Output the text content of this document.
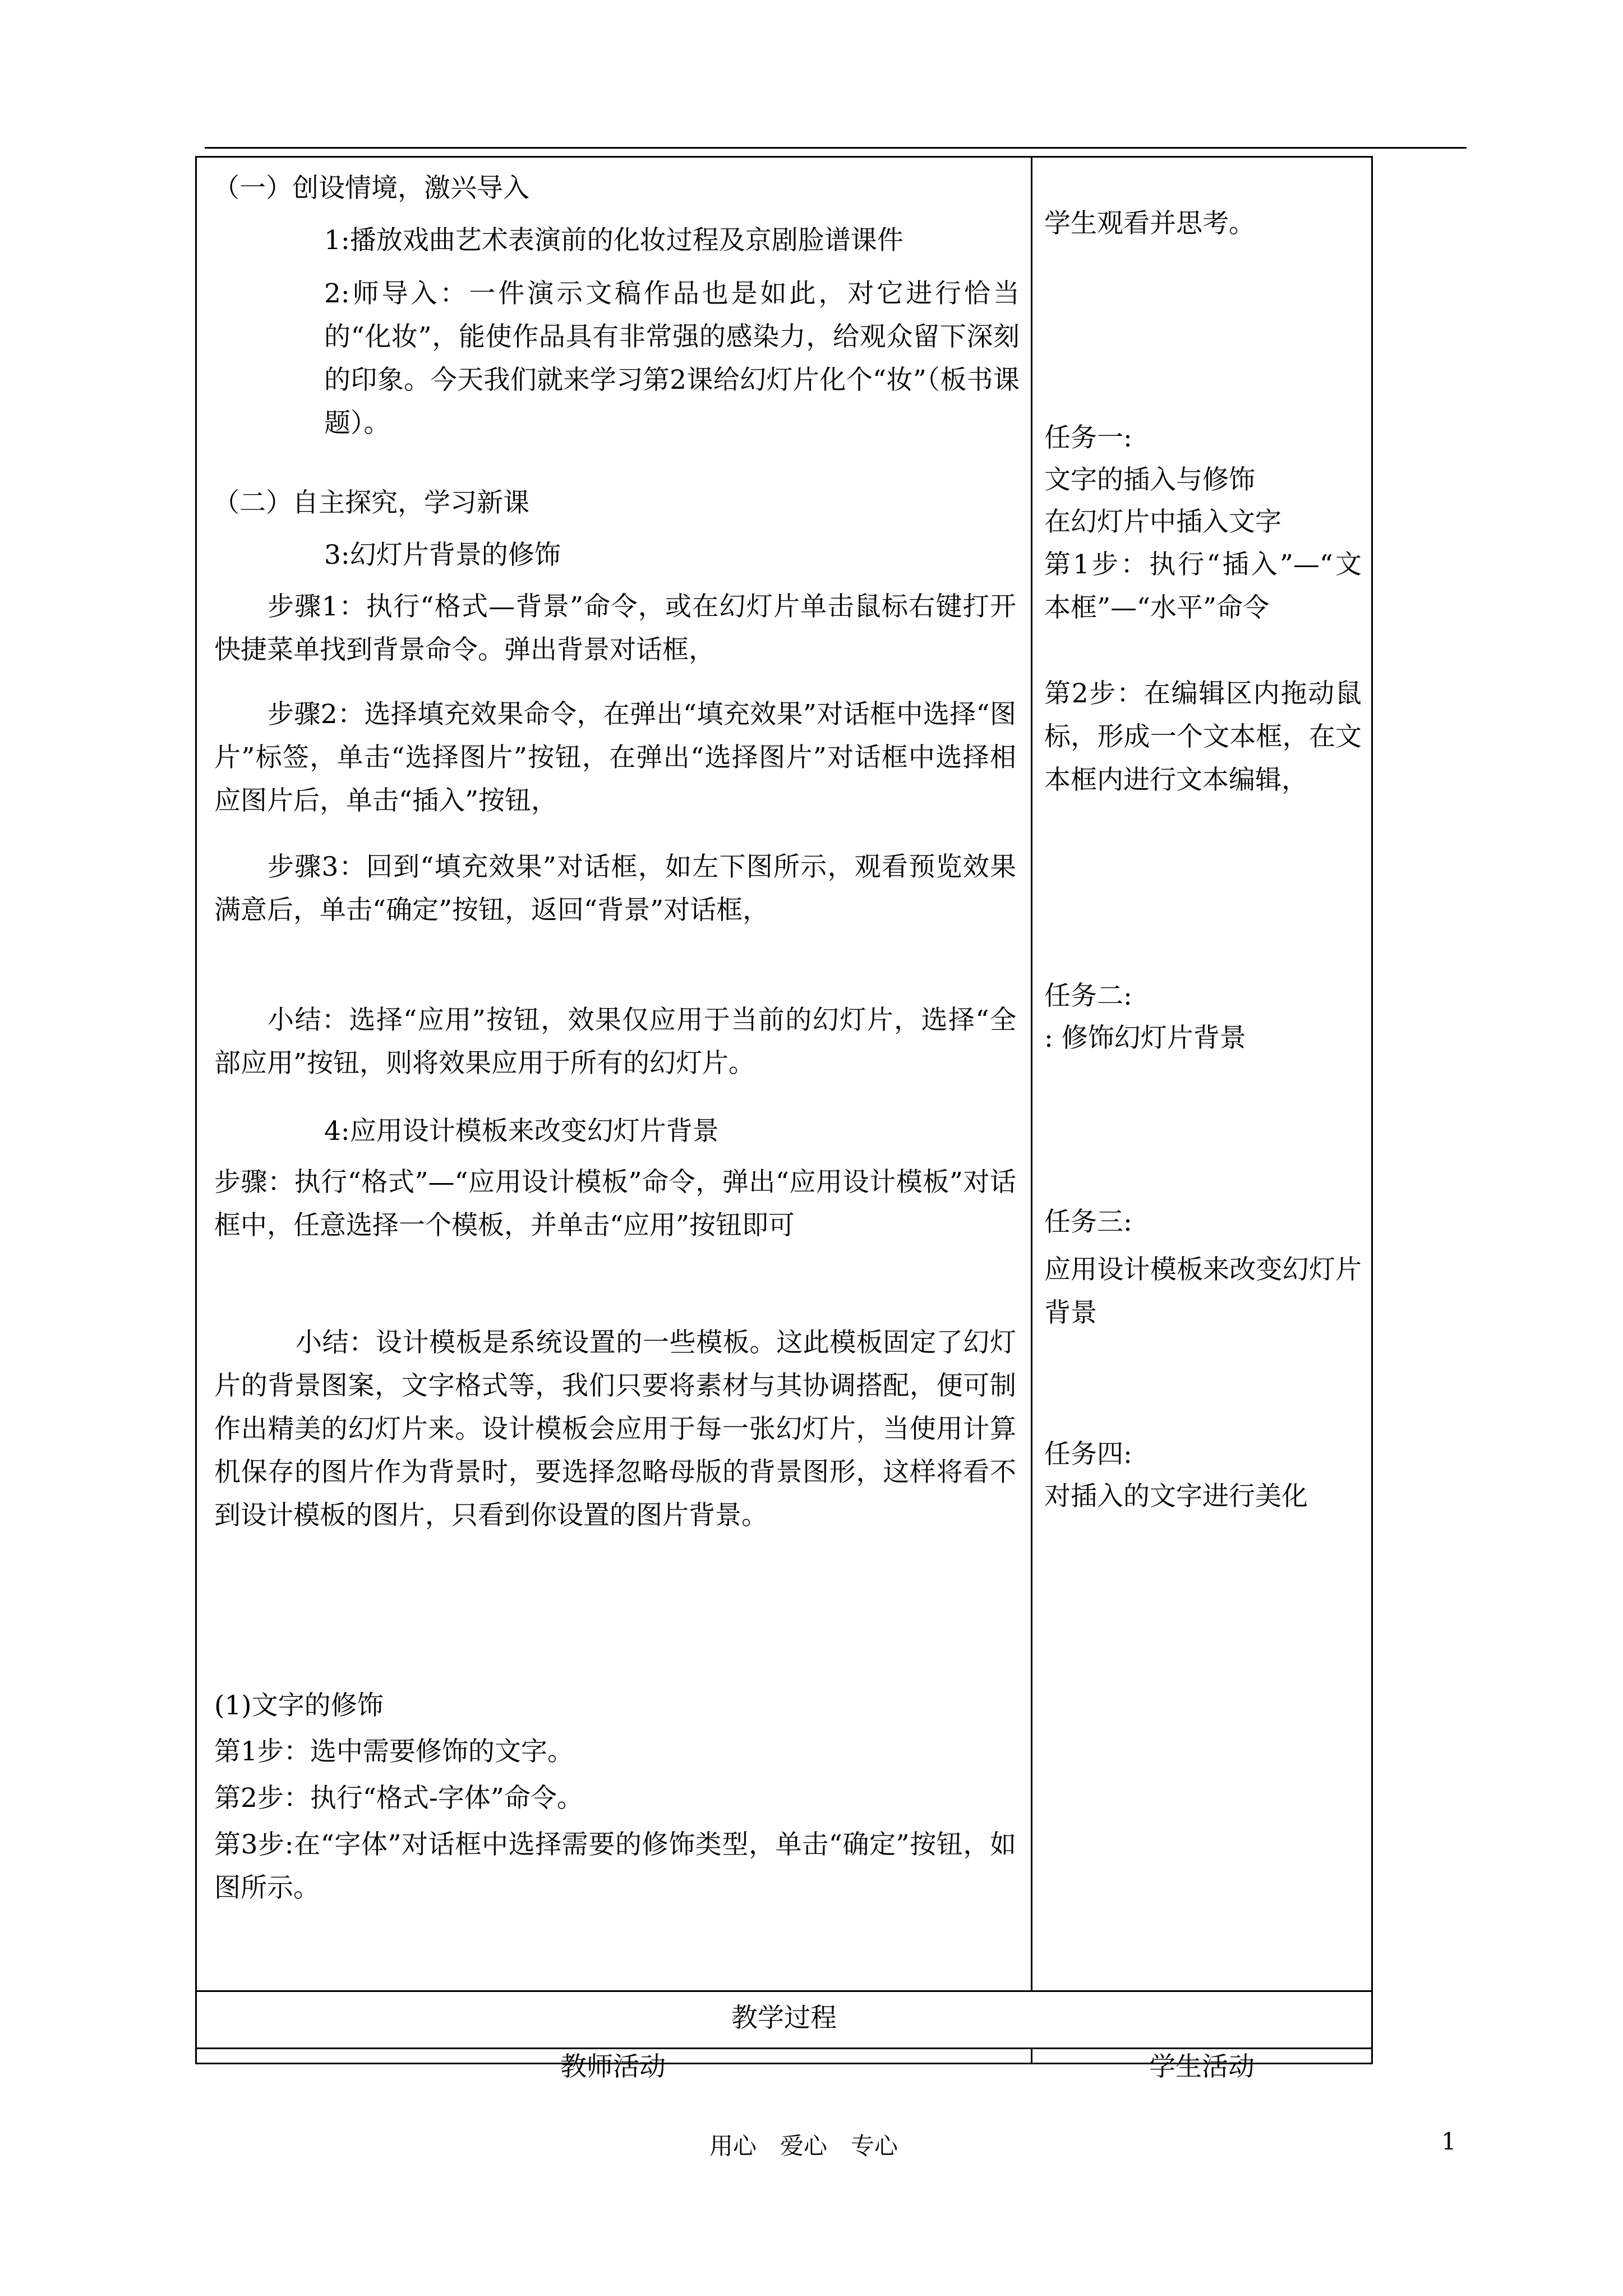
（一）创设情境，激兴导入
1:播放戏曲艺术表演前的化妆过程及京剧脸谱课件
2:师导入：一件演示文稿作品也是如此，对它进行恰当的“化妆”，能使作品具有非常强的感染力，给观众留下深刻的印象。今天我们就来学习第2课给幻灯片化个“妆”（板书课题）。
（二）自主探究，学习新课
3:幻灯片背景的修饰
步骤1：执行“格式—背景”命令，或在幻灯片单击鼠标右键打开快捷菜单找到背景命令。弹出背景对话框，
步骤2：选择填充效果命令，在弹出“填充效果”对话框中选择“图片”标签，单击“选择图片”按钮，在弹出“选择图片”对话框中选择相应图片后，单击“插入”按钮，
步骤3：回到“填充效果”对话框，如左下图所示，观看预览效果满意后，单击“确定”按钮，返回“背景”对话框，
小结：选择“应用”按钮，效果仅应用于当前的幻灯片，选择“全部应用”按钮，则将效果应用于所有的幻灯片。
4:应用设计模板来改变幻灯片背景
步骤：执行“格式”—“应用设计模板”命令，弹出“应用设计模板”对话框中，任意选择一个模板，并单击“应用”按钮即可
小结：设计模板是系统设置的一些模板。这此模板固定了幻灯片的背景图案，文字格式等，我们只要将素材与其协调搭配，便可制作出精美的幻灯片来。设计模板会应用于每一张幻灯片，当使用计算机保存的图片作为背景时，要选择忽略母版的背景图形，这样将看不到设计模板的图片，只看到你设置的图片背景。
(1)文字的修饰
第1步：选中需要修饰的文字。
第2步：执行“格式-字体”命令。
第3步:在“字体”对话框中选择需要的修饰类型，单击“确定”按钮，如图所示。
学生观看并思考。
任务一:
文字的插入与修饰
在幻灯片中插入文字
第1步：执行“插入”—“文本框”—“水平”命令
第2步：在编辑区内拖动鼠标，形成一个文本框，在文本框内进行文本编辑，
任务二:
: 修饰幻灯片背景
任务三:
应用设计模板来改变幻灯片背景
任务四:
对插入的文字进行美化
教学过程
教师活动	学生活动
用心　爱心　专心	1
